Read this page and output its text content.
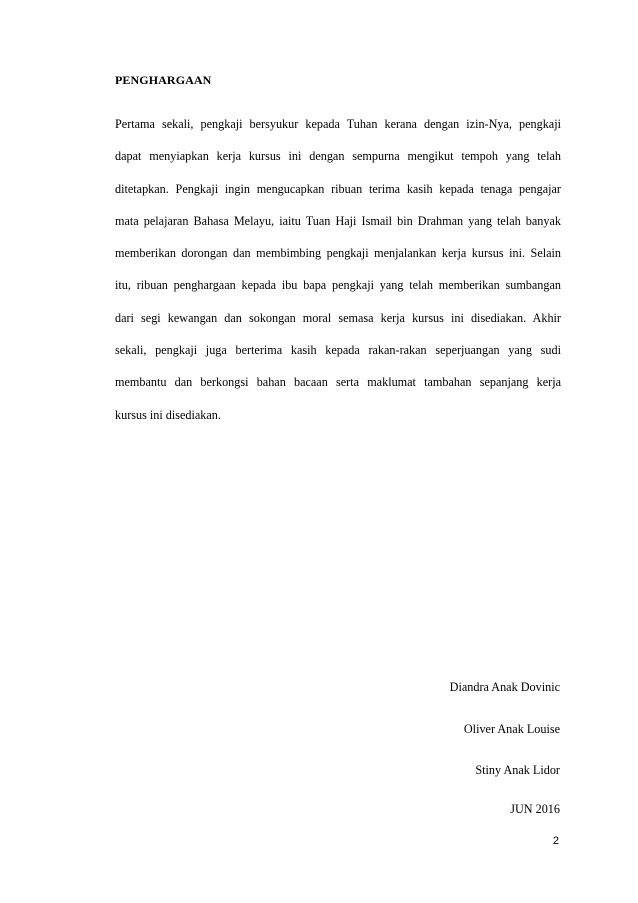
PENGHARGAAN
Pertama sekali, pengkaji bersyukur kepada Tuhan kerana dengan izin-Nya, pengkaji
dapat menyiapkan kerja kursus ini dengan sempurna mengikut tempoh yang telah
ditetapkan. Pengkaji ingin mengucapkan ribuan terima kasih kepada tenaga pengajar
mata pelajaran Bahasa Melayu, iaitu Tuan Haji Ismail bin Drahman yang telah banyak
memberikan dorongan dan membimbing pengkaji menjalankan kerja kursus ini. Selain
itu, ribuan penghargaan kepada ibu bapa pengkaji yang telah memberikan sumbangan
dari segi kewangan dan sokongan moral semasa kerja kursus ini disediakan. Akhir
sekali, pengkaji juga berterima kasih kepada rakan-rakan seperjuangan yang sudi
membantu dan berkongsi bahan bacaan serta maklumat tambahan sepanjang kerja
kursus ini disediakan.
Diandra Anak Dovinic
Oliver Anak Louise
Stiny Anak Lidor
JUN 2016
2
